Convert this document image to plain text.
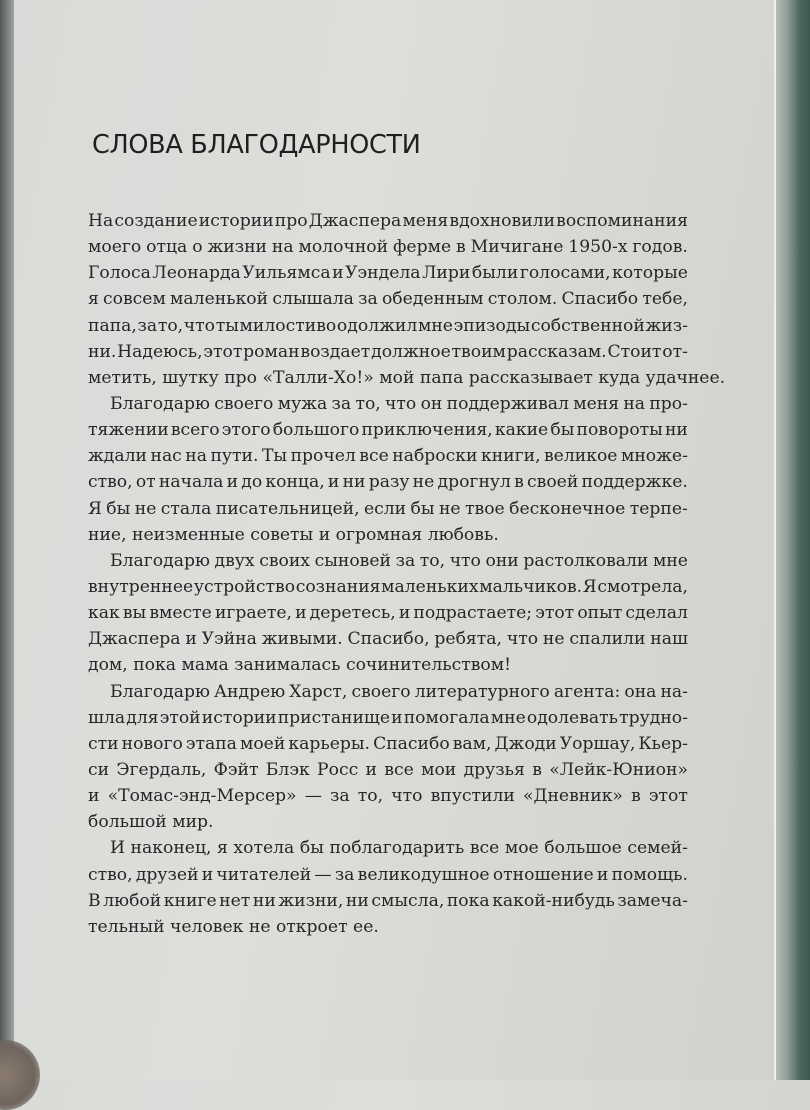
СЛОВА БЛАГОДАРНОСТИ
На создание истории про Джаспера меня вдохновили воспоминания
моего отца о жизни на молочной ферме в Мичигане 1950-х годов.
Голоса Леонарда Уильямса и Уэндела Лири были голосами, которые
я совсем маленькой слышала за обеденным столом. Спасибо тебе,
папа, за то, что ты милостиво одолжил мне эпизоды собственной жиз-
ни. Надеюсь, этот роман воздает должное твоим рассказам. Стоит от-
метить, шутку про «Талли-Хо!» мой папа рассказывает куда удачнее.
Благодарю своего мужа за то, что он поддерживал меня на про-
тяжении всего этого большого приключения, какие бы повороты ни
ждали нас на пути. Ты прочел все наброски книги, великое множе-
ство, от начала и до конца, и ни разу не дрогнул в своей поддержке.
Я бы не стала писательницей, если бы не твое бесконечное терпе-
ние, неизменные советы и огромная любовь.
Благодарю двух своих сыновей за то, что они растолковали мне
внутреннее устройство сознания маленьких мальчиков. Я смотрела,
как вы вместе играете, и деретесь, и подрастаете; этот опыт сделал
Джаспера и Уэйна живыми. Спасибо, ребята, что не спалили наш
дом, пока мама занималась сочинительством!
Благодарю Андрею Харст, своего литературного агента: она на-
шла для этой истории пристанище и помогала мне одолевать трудно-
сти нового этапа моей карьеры. Спасибо вам, Джоди Уоршау, Кьер-
си Эгердаль, Фэйт Блэк Росс и все мои друзья в «Лейк-Юнион»
и «Томас-энд-Мерсер» — за то, что впустили «Дневник» в этот
большой мир.
И наконец, я хотела бы поблагодарить все мое большое семей-
ство, друзей и читателей — за великодушное отношение и помощь.
В любой книге нет ни жизни, ни смысла, пока какой-нибудь замеча-
тельный человек не откроет ее.
